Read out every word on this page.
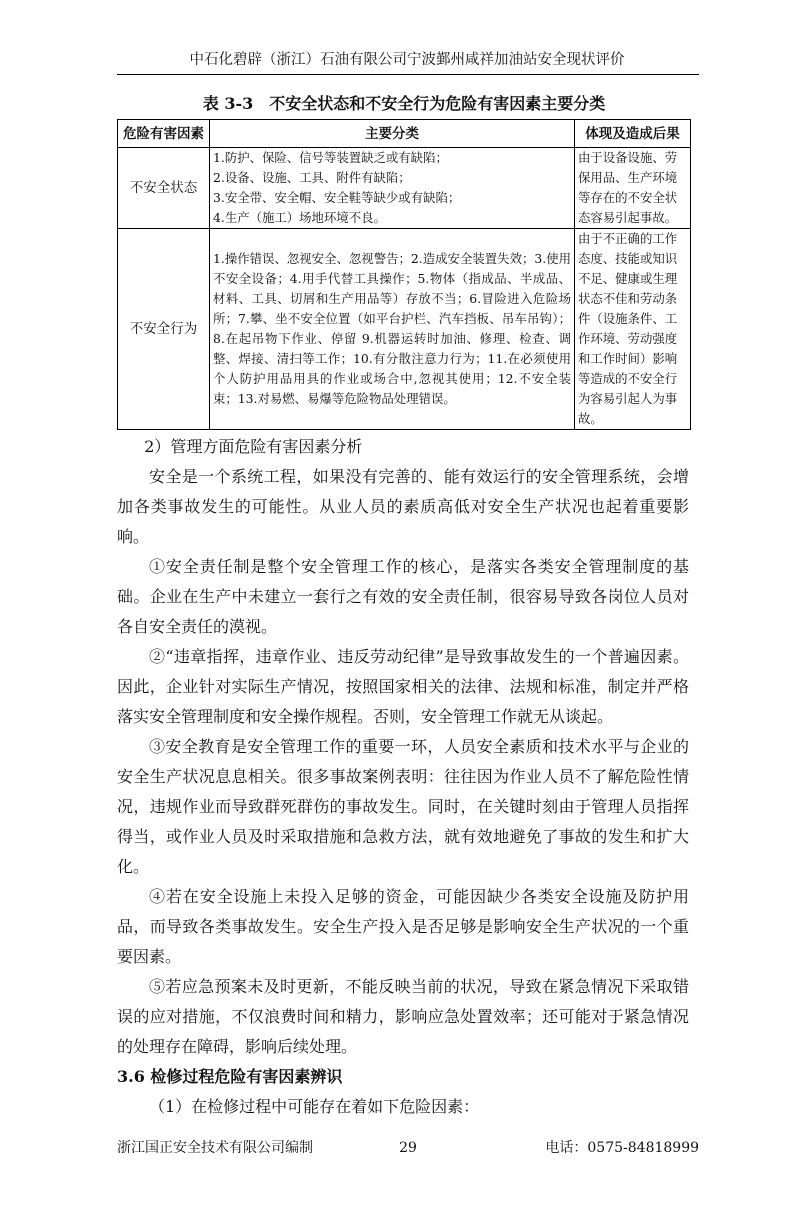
中石化碧辟（浙江）石油有限公司宁波鄞州咸祥加油站安全现状评价
表 3-3　不安全状态和不安全行为危险有害因素主要分类
危险有害因素	主要分类	体现及造成后果
不安全状态	1.防护、保险、信号等装置缺乏或有缺陷；
2.设备、设施、工具、附件有缺陷；
3.安全带、安全帽、安全鞋等缺少或有缺陷；
4.生产（施工）场地环境不良。	由于设备设施、劳保用品、生产环境等存在的不安全状态容易引起事故。
不安全行为	1.操作错误、忽视安全、忽视警告；2.造成安全装置失效；3.使用不安全设备；4.用手代替工具操作；5.物体（指成品、半成品、材料、工具、切屑和生产用品等）存放不当；6.冒险进入危险场所；7.攀、坐不安全位置（如平台护栏、汽车挡板、吊车吊钩）；8.在起吊物下作业、停留 9.机器运转时加油、修理、检查、调整、焊接、清扫等工作；10.有分散注意力行为；11.在必须使用个人防护用品用具的作业或场合中,忽视其使用；12.不安全装束；13.对易燃、易爆等危险物品处理错误。	由于不正确的工作态度、技能或知识不足、健康或生理状态不佳和劳动条件（设施条件、工作环境、劳动强度和工作时间）影响等造成的不安全行为容易引起人为事故。

2）管理方面危险有害因素分析

安全是一个系统工程，如果没有完善的、能有效运行的安全管理系统，会增加各类事故发生的可能性。从业人员的素质高低对安全生产状况也起着重要影响。

①安全责任制是整个安全管理工作的核心，是落实各类安全管理制度的基础。企业在生产中未建立一套行之有效的安全责任制，很容易导致各岗位人员对各自安全责任的漠视。

②“违章指挥，违章作业、违反劳动纪律”是导致事故发生的一个普遍因素。因此，企业针对实际生产情况，按照国家相关的法律、法规和标准，制定并严格落实安全管理制度和安全操作规程。否则，安全管理工作就无从谈起。

③安全教育是安全管理工作的重要一环，人员安全素质和技术水平与企业的安全生产状况息息相关。很多事故案例表明：往往因为作业人员不了解危险性情况，违规作业而导致群死群伤的事故发生。同时，在关键时刻由于管理人员指挥得当，或作业人员及时采取措施和急救方法，就有效地避免了事故的发生和扩大化。

④若在安全设施上未投入足够的资金，可能因缺少各类安全设施及防护用品，而导致各类事故发生。安全生产投入是否足够是影响安全生产状况的一个重要因素。

⑤若应急预案未及时更新，不能反映当前的状况，导致在紧急情况下采取错误的应对措施，不仅浪费时间和精力，影响应急处置效率；还可能对于紧急情况的处理存在障碍，影响后续处理。

3.6 检修过程危险有害因素辨识

（1）在检修过程中可能存在着如下危险因素：

浙江国正安全技术有限公司编制	29	电话：0575-84818999
